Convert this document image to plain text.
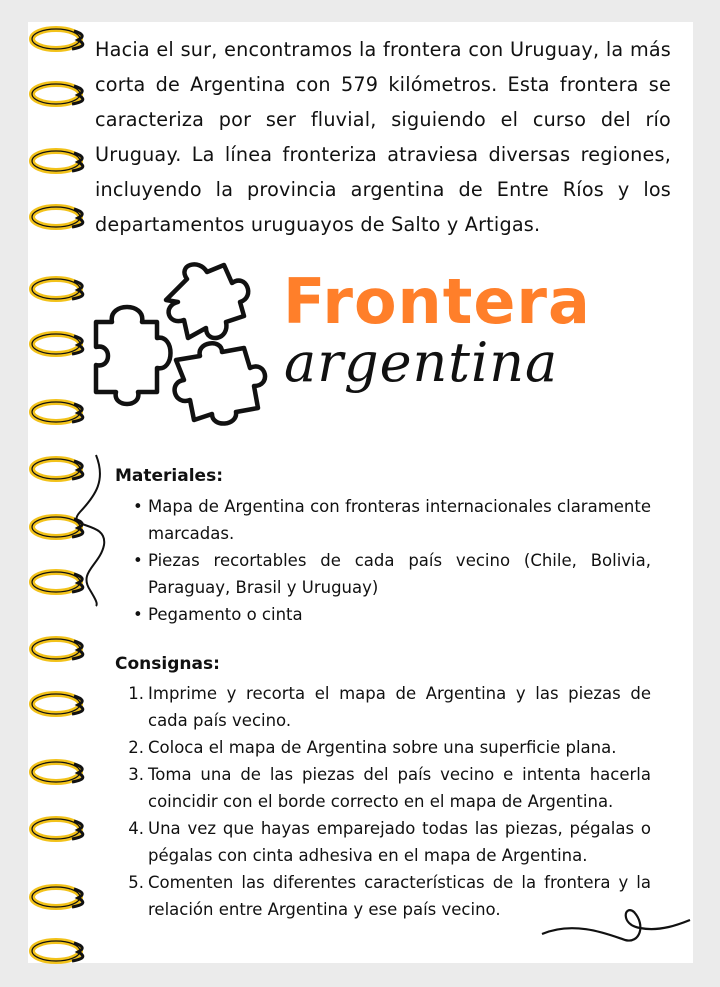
Hacia el sur, encontramos la frontera con Uruguay, la más corta de Argentina con 579 kilómetros. Esta frontera se caracteriza por ser fluvial, siguiendo el curso del río Uruguay. La línea fronteriza atraviesa diversas regiones, incluyendo la provincia argentina de Entre Ríos y los departamentos uruguayos de Salto y Artigas.

Frontera
argentina
Materiales:
• Mapa de Argentina con fronteras internacionales claramente marcadas.
• Piezas recortables de cada país vecino (Chile, Bolivia, Paraguay, Brasil y Uruguay)
• Pegamento o cinta
Consignas:
1. Imprime y recorta el mapa de Argentina y las piezas de cada país vecino.
2. Coloca el mapa de Argentina sobre una superficie plana.
3. Toma una de las piezas del país vecino e intenta hacerla coincidir con el borde correcto en el mapa de Argentina.
4. Una vez que hayas emparejado todas las piezas, pégalas o pégalas con cinta adhesiva en el mapa de Argentina.
5. Comenten las diferentes características de la frontera y la relación entre Argentina y ese país vecino.
